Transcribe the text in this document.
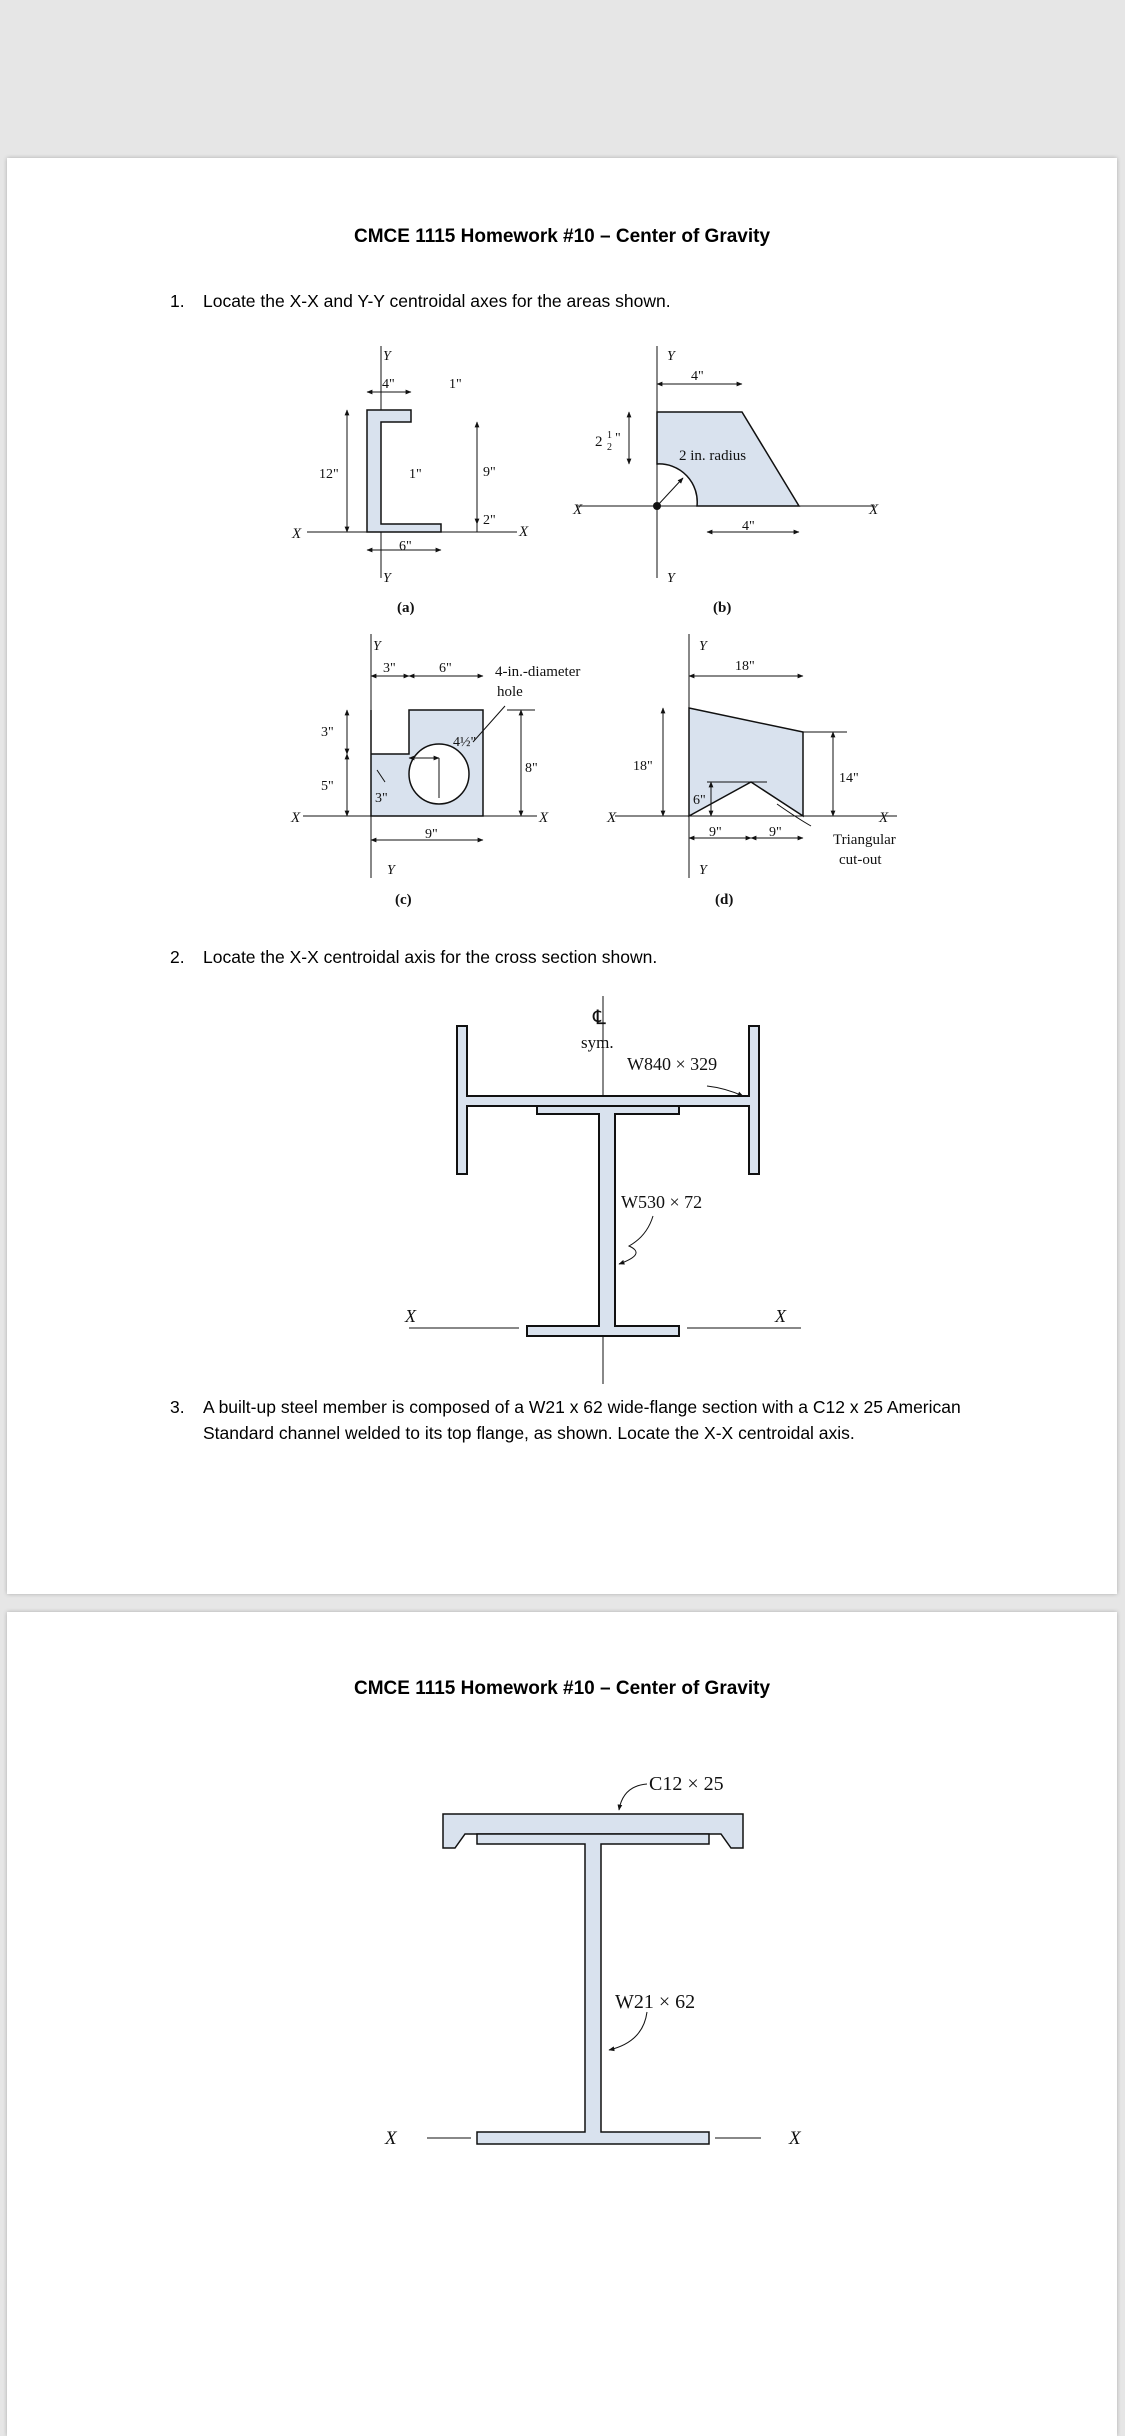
CMCE 1115 Homework #10 – Center of Gravity
1. Locate the X-X and Y-Y centroidal axes for the areas shown.
2. Locate the X-X centroidal axis for the cross section shown.
3. A built-up steel member is composed of a W21 x 62 wide-flange section with a C12 x 25 American Standard channel welded to its top flange, as shown. Locate the X-X centroidal axis.
Y
4"	1"
12"	1"	9"
2"
6"
X
Y
X
(a)
Y
4"
2 1
2
"
2 in. radius
4"
X	X
Y
(b)
Y
3"	6"	4-in.-diameter
hole
3"
5"
3"
4½"
8"
9"
X	X
Y
(c)
Y
18"
18"
6"
9"	9"
14"
Triangular
cut-out
X	X
Y
(d)
℄
sym.
W840 × 329
W530 × 72
X	X
CMCE 1115 Homework #10 – Center of Gravity
C12 × 25
W21 × 62
X	X
